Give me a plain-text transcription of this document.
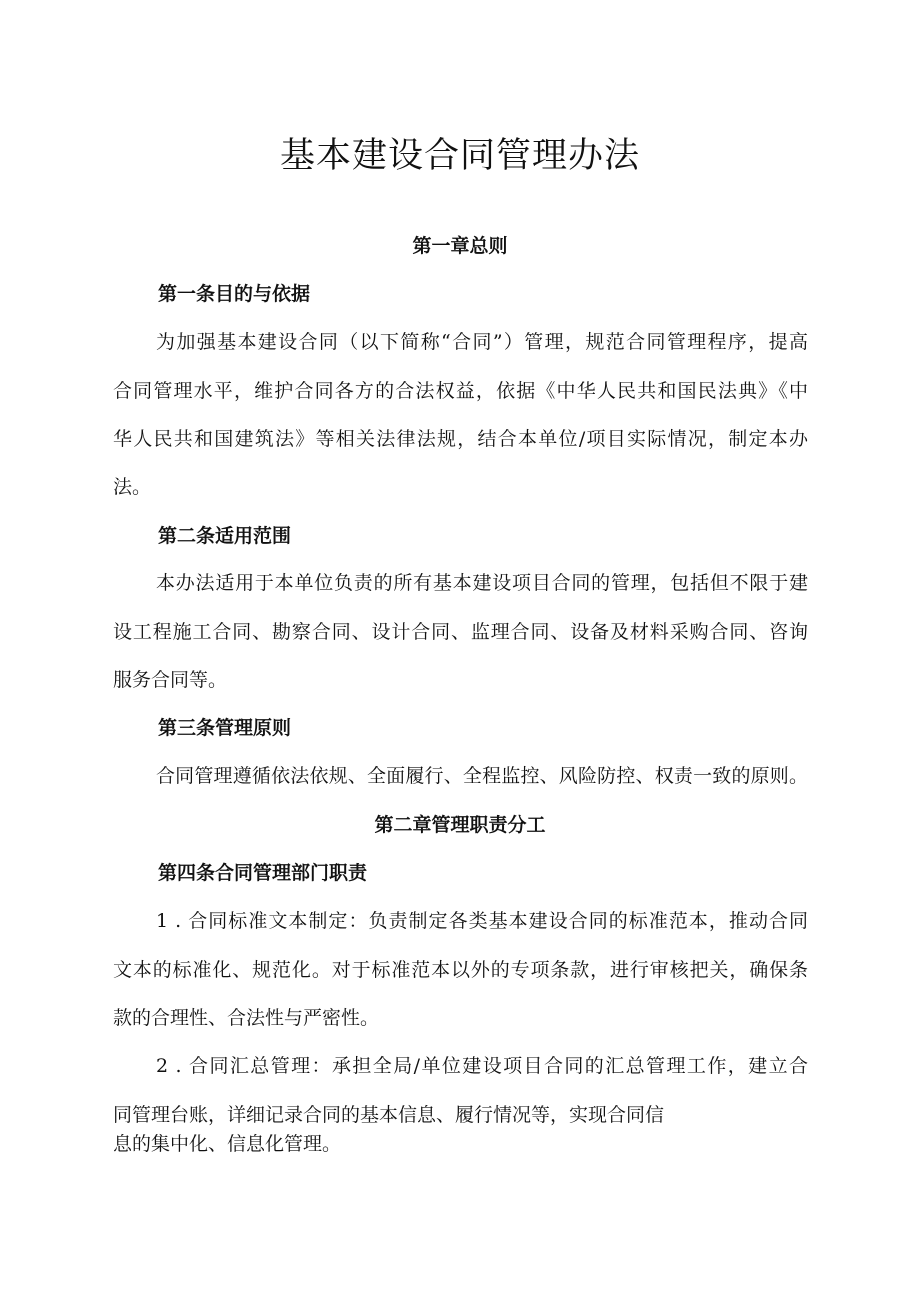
基本建设合同管理办法
第一章总则
第一条目的与依据
为加强基本建设合同（以下简称“合同”）管理，规范合同管理程序，提高
合同管理水平，维护合同各方的合法权益，依据《中华人民共和国民法典》《中
华人民共和国建筑法》等相关法律法规，结合本单位/项目实际情况，制定本办
法。
第二条适用范围
本办法适用于本单位负责的所有基本建设项目合同的管理，包括但不限于建
设工程施工合同、勘察合同、设计合同、监理合同、设备及材料采购合同、咨询
服务合同等。
第三条管理原则
合同管理遵循依法依规、全面履行、全程监控、风险防控、权责一致的原则。
第二章管理职责分工
第四条合同管理部门职责
1 . 合同标准文本制定：负责制定各类基本建设合同的标准范本，推动合同
文本的标准化、规范化。对于标准范本以外的专项条款，进行审核把关，确保条
款的合理性、合法性与严密性。
2 . 合同汇总管理：承担全局/单位建设项目合同的汇总管理工作，建立合
同管理台账，详细记录合同的基本信息、履行情况等，实现合同信
息的集中化、信息化管理。
